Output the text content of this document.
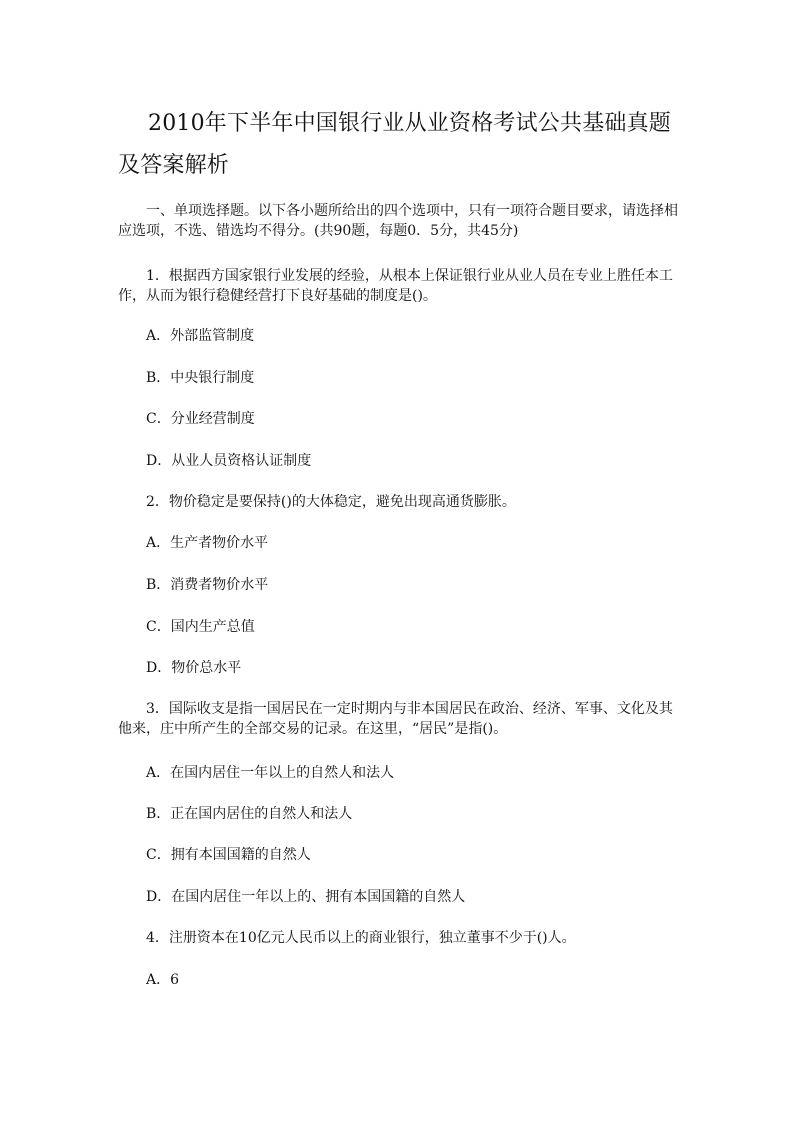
2010年下半年中国银行业从业资格考试公共基础真题及答案解析

一、单项选择题。以下各小题所给出的四个选项中，只有一项符合题目要求，请选择相应选项，不选、错选均不得分。(共90题，每题0．5分，共45分)

1．根据西方国家银行业发展的经验，从根本上保证银行业从业人员在专业上胜任本工作，从而为银行稳健经营打下良好基础的制度是()。

A．外部监管制度

B．中央银行制度

C．分业经营制度

D．从业人员资格认证制度

2．物价稳定是要保持()的大体稳定，避免出现高通货膨胀。

A．生产者物价水平

B．消费者物价水平

C．国内生产总值

D．物价总水平

3．国际收支是指一国居民在一定时期内与非本国居民在政治、经济、军事、文化及其他来，庄中所产生的全部交易的记录。在这里，“居民”是指()。

A．在国内居住一年以上的自然人和法人

B．正在国内居住的自然人和法人

C．拥有本国国籍的自然人

D．在国内居住一年以上的、拥有本国国籍的自然人

4．注册资本在10亿元人民币以上的商业银行，独立董事不少于()人。

A．6
